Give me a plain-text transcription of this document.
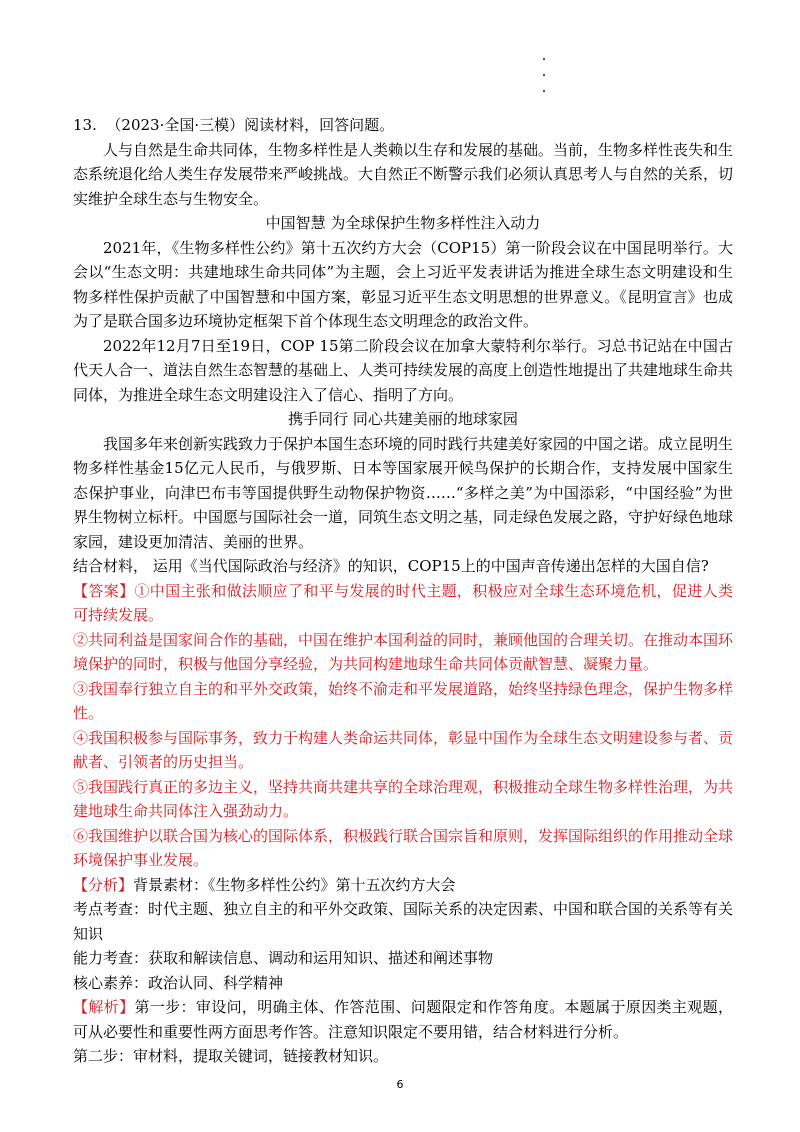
13. （2023·全国·三模）阅读材料，回答问题。

人与自然是生命共同体，生物多样性是人类赖以生存和发展的基础。当前，生物多样性丧失和生态系统退化给人类生存发展带来严峻挑战。大自然正不断警示我们必须认真思考人与自然的关系，切实维护全球生态与生物安全。

中国智慧 为全球保护生物多样性注入动力

2021年，《生物多样性公约》第十五次约方大会（COP15）第一阶段会议在中国昆明举行。大会以“生态文明：共建地球生命共同体”为主题，会上习近平发表讲话为推进全球生态文明建设和生物多样性保护贡献了中国智慧和中国方案，彰显习近平生态文明思想的世界意义。《昆明宣言》也成为了是联合国多边环境协定框架下首个体现生态文明理念的政治文件。

2022年12月7日至19日，COP 15第二阶段会议在加拿大蒙特利尔举行。习总书记站在中国古代天人合一、道法自然生态智慧的基础上、人类可持续发展的高度上创造性地提出了共建地球生命共同体，为推进全球生态文明建设注入了信心、指明了方向。

携手同行 同心共建美丽的地球家园

我国多年来创新实践致力于保护本国生态环境的同时践行共建美好家园的中国之诺。成立昆明生物多样性基金15亿元人民币，与俄罗斯、日本等国家展开候鸟保护的长期合作，支持发展中国家生态保护事业，向津巴布韦等国提供野生动物保护物资……“多样之美”为中国添彩，“中国经验”为世界生物树立标杆。中国愿与国际社会一道，同筑生态文明之基，同走绿色发展之路，守护好绿色地球家园，建设更加清洁、美丽的世界。

结合材料， 运用《当代国际政治与经济》的知识，COP15上的中国声音传递出怎样的大国自信?

【答案】①中国主张和做法顺应了和平与发展的时代主题，积极应对全球生态环境危机，促进人类可持续发展。

②共同利益是国家间合作的基础，中国在维护本国利益的同时，兼顾他国的合理关切。在推动本国环境保护的同时，积极与他国分享经验，为共同构建地球生命共同体贡献智慧、凝聚力量。

③我国奉行独立自主的和平外交政策，始终不渝走和平发展道路，始终坚持绿色理念，保护生物多样性。

④我国积极参与国际事务，致力于构建人类命运共同体，彰显中国作为全球生态文明建设参与者、贡献者、引领者的历史担当。

⑤我国践行真正的多边主义，坚持共商共建共享的全球治理观，积极推动全球生物多样性治理，为共建地球生命共同体注入强劲动力。

⑥我国维护以联合国为核心的国际体系，积极践行联合国宗旨和原则，发挥国际组织的作用推动全球环境保护事业发展。

【分析】背景素材：《生物多样性公约》第十五次约方大会

考点考查：时代主题、独立自主的和平外交政策、国际关系的决定因素、中国和联合国的关系等有关知识

能力考查：获取和解读信息、调动和运用知识、描述和阐述事物

核心素养：政治认同、科学精神

【解析】第一步：审设问，明确主体、作答范围、问题限定和作答角度。本题属于原因类主观题，可从必要性和重要性两方面思考作答。注意知识限定不要用错，结合材料进行分析。

第二步：审材料，提取关键词，链接教材知识。

6
